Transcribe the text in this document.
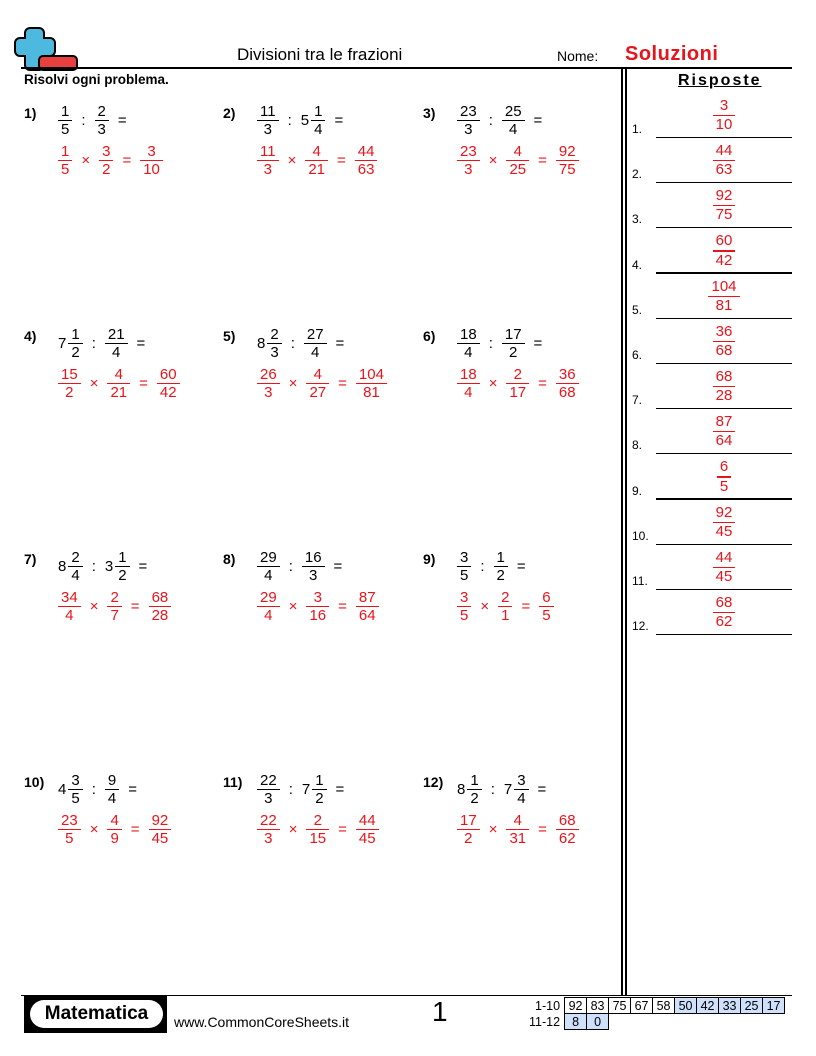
Divisioni tra le frazioni	Nome: Soluzioni
Risolvi ogni problema.	Risposte
$1) \frac{1}{5}$ : $\frac{2}{3}$ =
$\frac{1}{5} \times \frac{3}{2} = \frac{3}{10}$
$2) \frac{11}{3}$ : $5 \frac{1}{4}$ =
$\frac{11}{3} \times \frac{4}{21} = \frac{44}{63}$
$3) \frac{23}{3}$ : $\frac{25}{4}$ =
$\frac{23}{3} \times \frac{4}{25} = \frac{92}{75}$
4) $7 \frac{1}{2}$ : $\frac{21}{4}$ =
$\frac{15}{2} \times \frac{4}{21} = \frac{60}{42}$
5) $8 \frac{2}{3}$ : $\frac{27}{4}$ =
$\frac{26}{3} \times \frac{4}{27} = \frac{104}{81}$
$6) \frac{18}{4}$ : $\frac{17}{2}$ =
$\frac{18}{4} \times \frac{2}{17} = \frac{36}{68}$
7) $8 \frac{2}{4}$ : $3 \frac{1}{2}$ =
$\frac{34}{4} \times \frac{2}{7} = \frac{68}{28}$
$8) \frac{29}{4}$ : $\frac{16}{3}$ =
$\frac{29}{4} \times \frac{3}{16} = \frac{87}{64}$
$9) \frac{3}{5}$ : $\frac{1}{2}$ =
$\frac{3}{5} \times \frac{2}{1} = \frac{6}{5}$
10) $4 \frac{3}{5}$ : $\frac{9}{4}$ =
$\frac{23}{5} \times \frac{4}{9} = \frac{92}{45}$
$11) \frac{22}{3}$ : $7 \frac{1}{2}$ =
$\frac{22}{3} \times \frac{2}{15} = \frac{44}{45}$
12) $8 \frac{1}{2}$ : $7 \frac{3}{4}$ =
$\frac{17}{2} \times \frac{4}{31} = \frac{68}{62}$
1.	$\frac{3}{10}$
2.	$\frac{44}{63}$
3.	$\frac{92}{75}$
4.	$\frac{60}{42}$
5.	$\frac{104}{81}$
6.	$\frac{36}{68}$
7.	$\frac{68}{28}$
8.	$\frac{87}{64}$
9.	$\frac{6}{5}$
10.	$\frac{92}{45}$
11.	$\frac{44}{45}$
12.	$\frac{68}{62}$
Matematica	www.CommonCoreSheets.it	1	1-10	92	83	75	67	58	50	42	33	25	17
11-12	8	0								
